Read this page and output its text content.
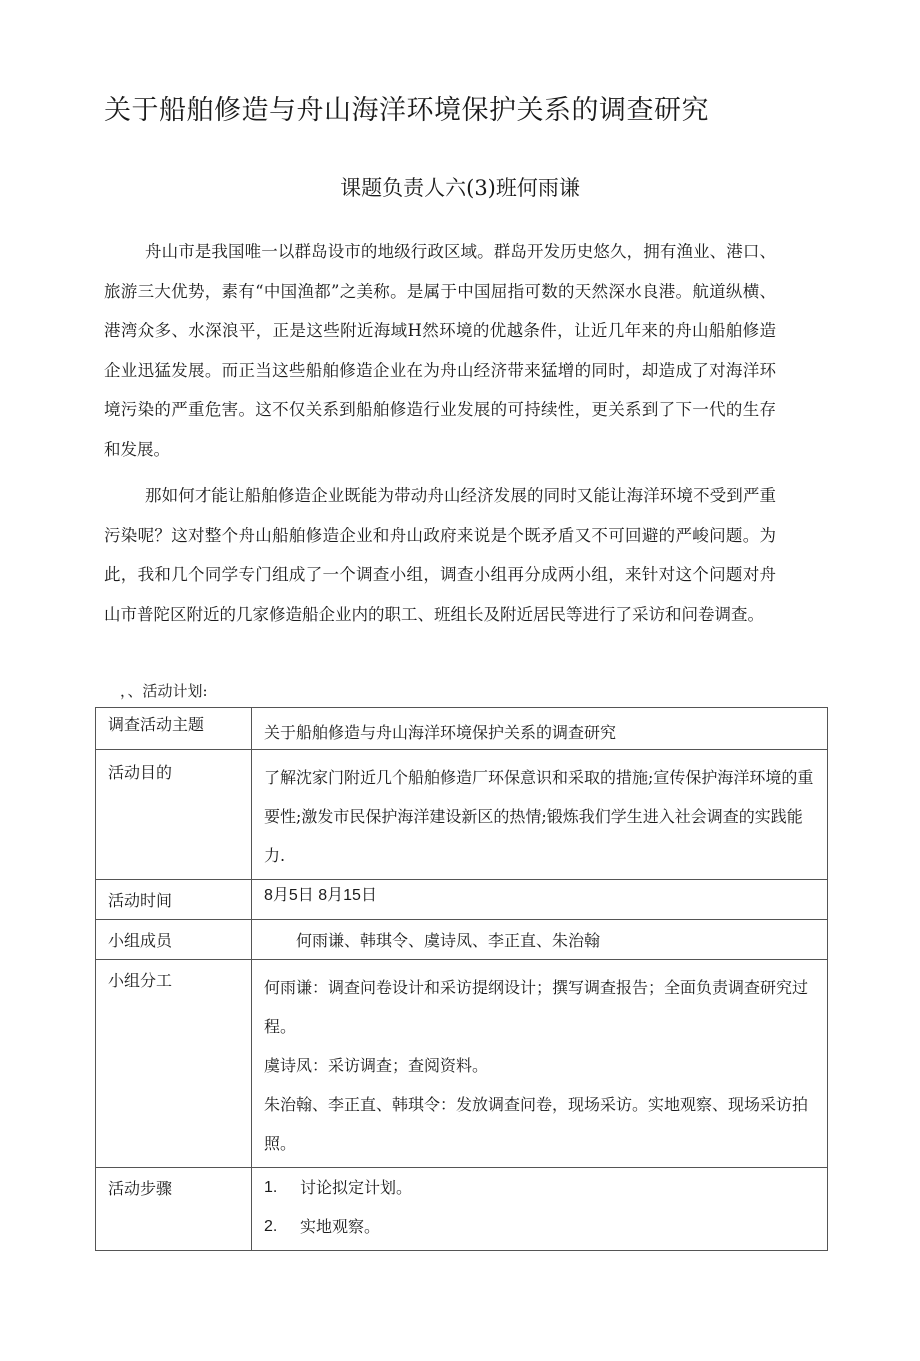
关于船舶修造与舟山海洋环境保护关系的调查研究
课题负责人六(3)班何雨谦

舟山市是我国唯一以群岛设市的地级行政区域。群岛开发历史悠久，拥有渔业、港口、旅游三大优势，素有“中国渔都”之美称。是属于中国屈指可数的天然深水良港。航道纵横、港湾众多、水深浪平，正是这些附近海域H然环境的优越条件，让近几年来的舟山船舶修造企业迅猛发展。而正当这些船舶修造企业在为舟山经济带来猛增的同时，却造成了对海洋环境污染的严重危害。这不仅关系到船舶修造行业发展的可持续性，更关系到了下一代的生存和发展。

那如何才能让船舶修造企业既能为带动舟山经济发展的同时又能让海洋环境不受到严重污染呢？这对整个舟山船舶修造企业和舟山政府来说是个既矛盾又不可回避的严峻问题。为此，我和几个同学专门组成了一个调查小组，调查小组再分成两小组，来针对这个问题对舟山市普陀区附近的几家修造船企业内的职工、班组长及附近居民等进行了采访和问卷调查。

，、活动计划:
调查活动主题	关于船舶修造与舟山海洋环境保护关系的调查研究
活动目的	了解沈家门附近几个船舶修造厂环保意识和采取的措施;宣传保护海洋环境的重要性;激发市民保护海洋建设新区的热情;锻炼我们学生进入社会调查的实践能力.
活动时间	8月5日 8月15日
小组成员	何雨谦、韩琪令、虞诗凤、李正直、朱治翰
小组分工	何雨谦：调查问卷设计和采访提纲设计；撰写调查报告；全面负责调查研究过程。
虞诗凤：采访调查；查阅资料。
朱治翰、李正直、韩琪令：发放调查问卷，现场采访。实地观察、现场采访拍照。

活动步骤	1. 讨论拟定计划。
2. 实地观察。
